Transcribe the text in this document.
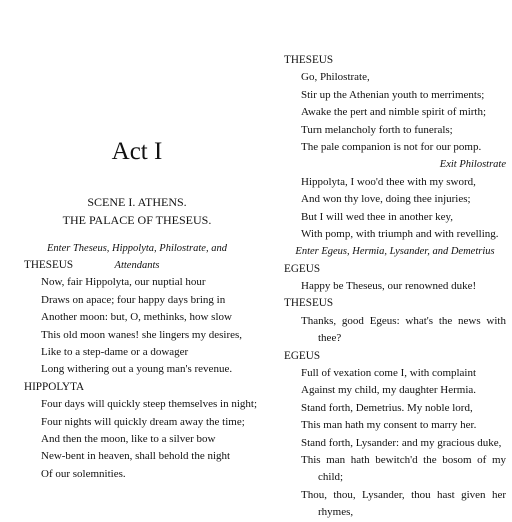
Act I
SCENE I. ATHENS.
THE PALACE OF THESEUS.
Enter Theseus, Hippolyta, Philostrate, and Attendants
THESEUS
Now, fair Hippolyta, our nuptial hour
Draws on apace; four happy days bring in
Another moon: but, O, methinks, how slow
This old moon wanes! she lingers my desires,
Like to a step-dame or a dowager
Long withering out a young man's revenue.
HIPPOLYTA
Four days will quickly steep themselves in night;
Four nights will quickly dream away the time;
And then the moon, like to a silver bow
New-bent in heaven, shall behold the night
Of our solemnities.
THESEUS
Go, Philostrate,
Stir up the Athenian youth to merriments;
Awake the pert and nimble spirit of mirth;
Turn melancholy forth to funerals;
The pale companion is not for our pomp.
Exit Philostrate
Hippolyta, I woo'd thee with my sword,
And won thy love, doing thee injuries;
But I will wed thee in another key,
With pomp, with triumph and with revelling.
Enter Egeus, Hermia, Lysander, and Demetrius
EGEUS
Happy be Theseus, our renowned duke!
THESEUS
Thanks, good Egeus: what's the news with
thee?
EGEUS
Full of vexation come I, with complaint
Against my child, my daughter Hermia.
Stand forth, Demetrius. My noble lord,
This man hath my consent to marry her.
Stand forth, Lysander: and my gracious duke,
This man hath bewitch'd the bosom of my
child;
Thou, thou, Lysander, thou hast given her
rhymes,
